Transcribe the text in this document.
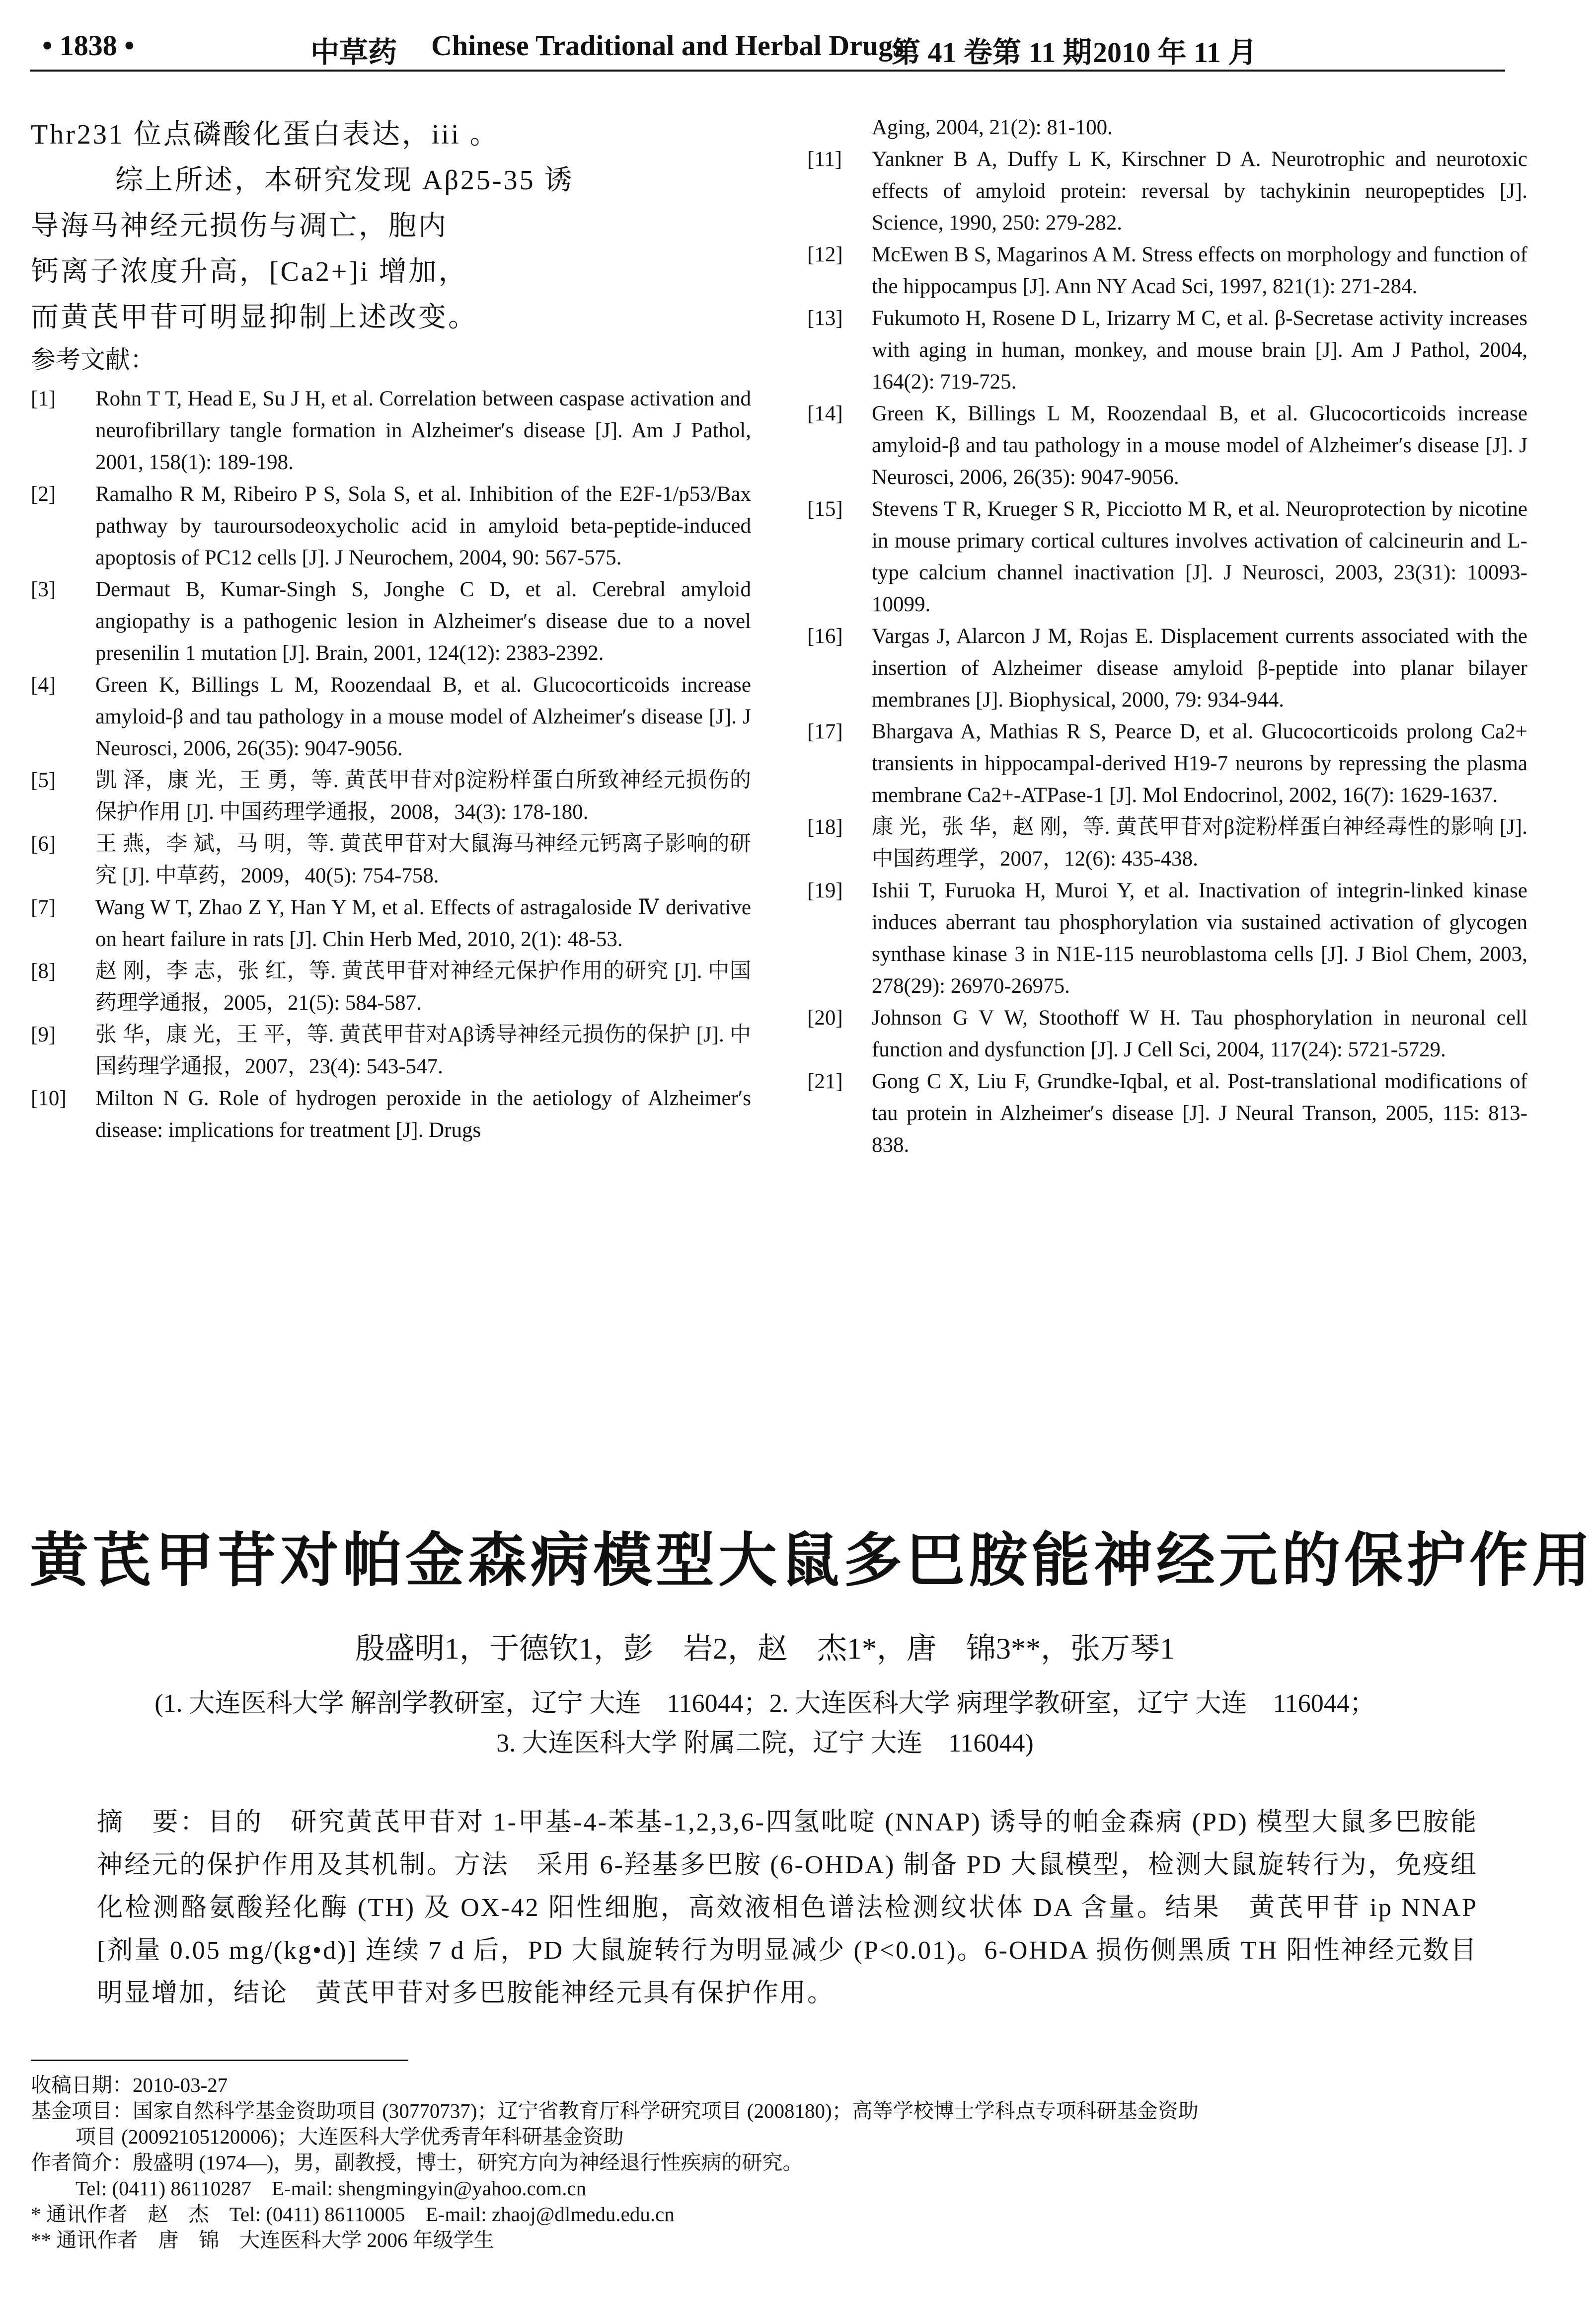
• 1838 •	中草药 Chinese Traditional and Herbal Drugs
第 41 卷第 11 期 2010 年 11 月
Thr231 位点磷酸化蛋白表达，iii 。
综上所述，本研究发现 Aβ25-35 诱
导海马神经元损伤与凋亡，胞内
钙离子浓度升高，[Ca2+]i 增加，
而黄芪甲苷可明显抑制上述改变。
参考文献：
[1]	Rohn T T, Head E, Su J H, et al. Correlation between caspase activation and neurofibrillary tangle formation in Alzheimer′s disease [J]. Am J Pathol, 2001, 158(1): 189-198.
[2]	Ramalho R M, Ribeiro P S, Sola S, et al. Inhibition of the E2F-1/p53/Bax pathway by tauroursodeoxycholic acid in amyloid beta-peptide-induced apoptosis of PC12 cells [J]. J Neurochem, 2004, 90: 567-575.
[3]	Dermaut B, Kumar-Singh S, Jonghe C D, et al. Cerebral amyloid angiopathy is a pathogenic lesion in Alzheimer′s disease due to a novel presenilin 1 mutation [J]. Brain, 2001, 124(12): 2383-2392.
[4]	Green K, Billings L M, Roozendaal B, et al. Glucocorticoids increase amyloid-β and tau pathology in a mouse model of Alzheimer′s disease [J]. J Neurosci, 2006, 26(35): 9047-9056.
[5]	凯 泽，康 光，王 勇，等. 黄芪甲苷对β淀粉样蛋白所致神经元损伤的保护作用 [J]. 中国药理学通报，2008，34(3): 178-180.
[6]	王 燕，李 斌，马 明，等. 黄芪甲苷对大鼠海马神经元钙离子影响的研究 [J]. 中草药，2009，40(5): 754-758.
[7]	Wang W T, Zhao Z Y, Han Y M, et al. Effects of astragaloside Ⅳ derivative on heart failure in rats [J]. Chin Herb Med, 2010, 2(1): 48-53.
[8]	赵 刚，李 志，张 红，等. 黄芪甲苷对神经元保护作用的研究 [J]. 中国药理学通报，2005，21(5): 584-587.
[9]	张 华，康 光，王 平，等. 黄芪甲苷对Aβ诱导神经元损伤的保护 [J]. 中国药理学通报，2007，23(4): 543-547.
[10]	Milton N G. Role of hydrogen peroxide in the aetiology of Alzheimer′s disease: implications for treatment [J]. Drugs
Aging, 2004, 21(2): 81-100.
[11]	Yankner B A, Duffy L K, Kirschner D A. Neurotrophic and neurotoxic effects of amyloid protein: reversal by tachykinin neuropeptides [J]. Science, 1990, 250: 279-282.
[12]	McEwen B S, Magarinos A M. Stress effects on morphology and function of the hippocampus [J]. Ann NY Acad Sci, 1997, 821(1): 271-284.
[13]	Fukumoto H, Rosene D L, Irizarry M C, et al. β-Secretase activity increases with aging in human, monkey, and mouse brain [J]. Am J Pathol, 2004, 164(2): 719-725.
[14]	Green K, Billings L M, Roozendaal B, et al. Glucocorticoids increase amyloid-β and tau pathology in a mouse model of Alzheimer′s disease [J]. J Neurosci, 2006, 26(35): 9047-9056.
[15]	Stevens T R, Krueger S R, Picciotto M R, et al. Neuroprotection by nicotine in mouse primary cortical cultures involves activation of calcineurin and L-type calcium channel inactivation [J]. J Neurosci, 2003, 23(31): 10093-10099.
[16]	Vargas J, Alarcon J M, Rojas E. Displacement currents associated with the insertion of Alzheimer disease amyloid β-peptide into planar bilayer membranes [J]. Biophysical, 2000, 79: 934-944.
[17]	Bhargava A, Mathias R S, Pearce D, et al. Glucocorticoids prolong Ca2+ transients in hippocampal-derived H19-7 neurons by repressing the plasma membrane Ca2+-ATPase-1 [J]. Mol Endocrinol, 2002, 16(7): 1629-1637.
[18]	康 光，张 华，赵 刚，等. 黄芪甲苷对β淀粉样蛋白神经毒性的影响 [J]. 中国药理学，2007，12(6): 435-438.
[19]	Ishii T, Furuoka H, Muroi Y, et al. Inactivation of integrin-linked kinase induces aberrant tau phosphorylation via sustained activation of glycogen synthase kinase 3 in N1E-115 neuroblastoma cells [J]. J Biol Chem, 2003, 278(29): 26970-26975.
[20]	Johnson G V W, Stoothoff W H. Tau phosphorylation in neuronal cell function and dysfunction [J]. J Cell Sci, 2004, 117(24): 5721-5729.
[21]	Gong C X, Liu F, Grundke-Iqbal, et al. Post-translational modifications of tau protein in Alzheimer′s disease [J]. J Neural Transon, 2005, 115: 813-838.
黄芪甲苷对帕金森病模型大鼠多巴胺能神经元的保护作用
殷盛明1，于德钦1，彭　岩2，赵　杰1*，唐　锦3**，张万琴1
(1. 大连医科大学 解剖学教研室，辽宁 大连　116044；2. 大连医科大学 病理学教研室，辽宁 大连　116044；
3. 大连医科大学 附属二院，辽宁 大连　116044)
摘　要：目的　研究黄芪甲苷对 1-甲基-4-苯基-1,2,3,6-四氢吡啶 (NNAP) 诱导的帕金森病 (PD) 模型大鼠多巴胺能神经元的保护作用及其机制。方法　采用 6-羟基多巴胺 (6-OHDA) 制备 PD 大鼠模型，检测大鼠旋转行为，免疫组化检测酪氨酸羟化酶 (TH) 及 OX-42 阳性细胞，高效液相色谱法检测纹状体 DA 含量。结果　黄芪甲苷 ip NNAP [剂量 0.05 mg/(kg•d)] 连续 7 d 后，PD 大鼠旋转行为明显减少 (P<0.01)。6-OHDA 损伤侧黑质 TH 阳性神经元数目明显增加，结论　黄芪甲苷对多巴胺能神经元具有保护作用。
收稿日期：2010-03-27
基金项目：国家自然科学基金资助项目 (30770737)；辽宁省教育厅科学研究项目 (2008180)；高等学校博士学科点专项科研基金资助
项目 (20092105120006)；大连医科大学优秀青年科研基金资助
作者简介：殷盛明 (1974—)，男，副教授，博士，研究方向为神经退行性疾病的研究。
Tel: (0411) 86110287　E-mail: shengmingyin@yahoo.com.cn
* 通讯作者　赵　杰　Tel: (0411) 86110005　E-mail: zhaoj@dlmedu.edu.cn
** 通讯作者　唐　锦　大连医科大学 2006 年级学生
